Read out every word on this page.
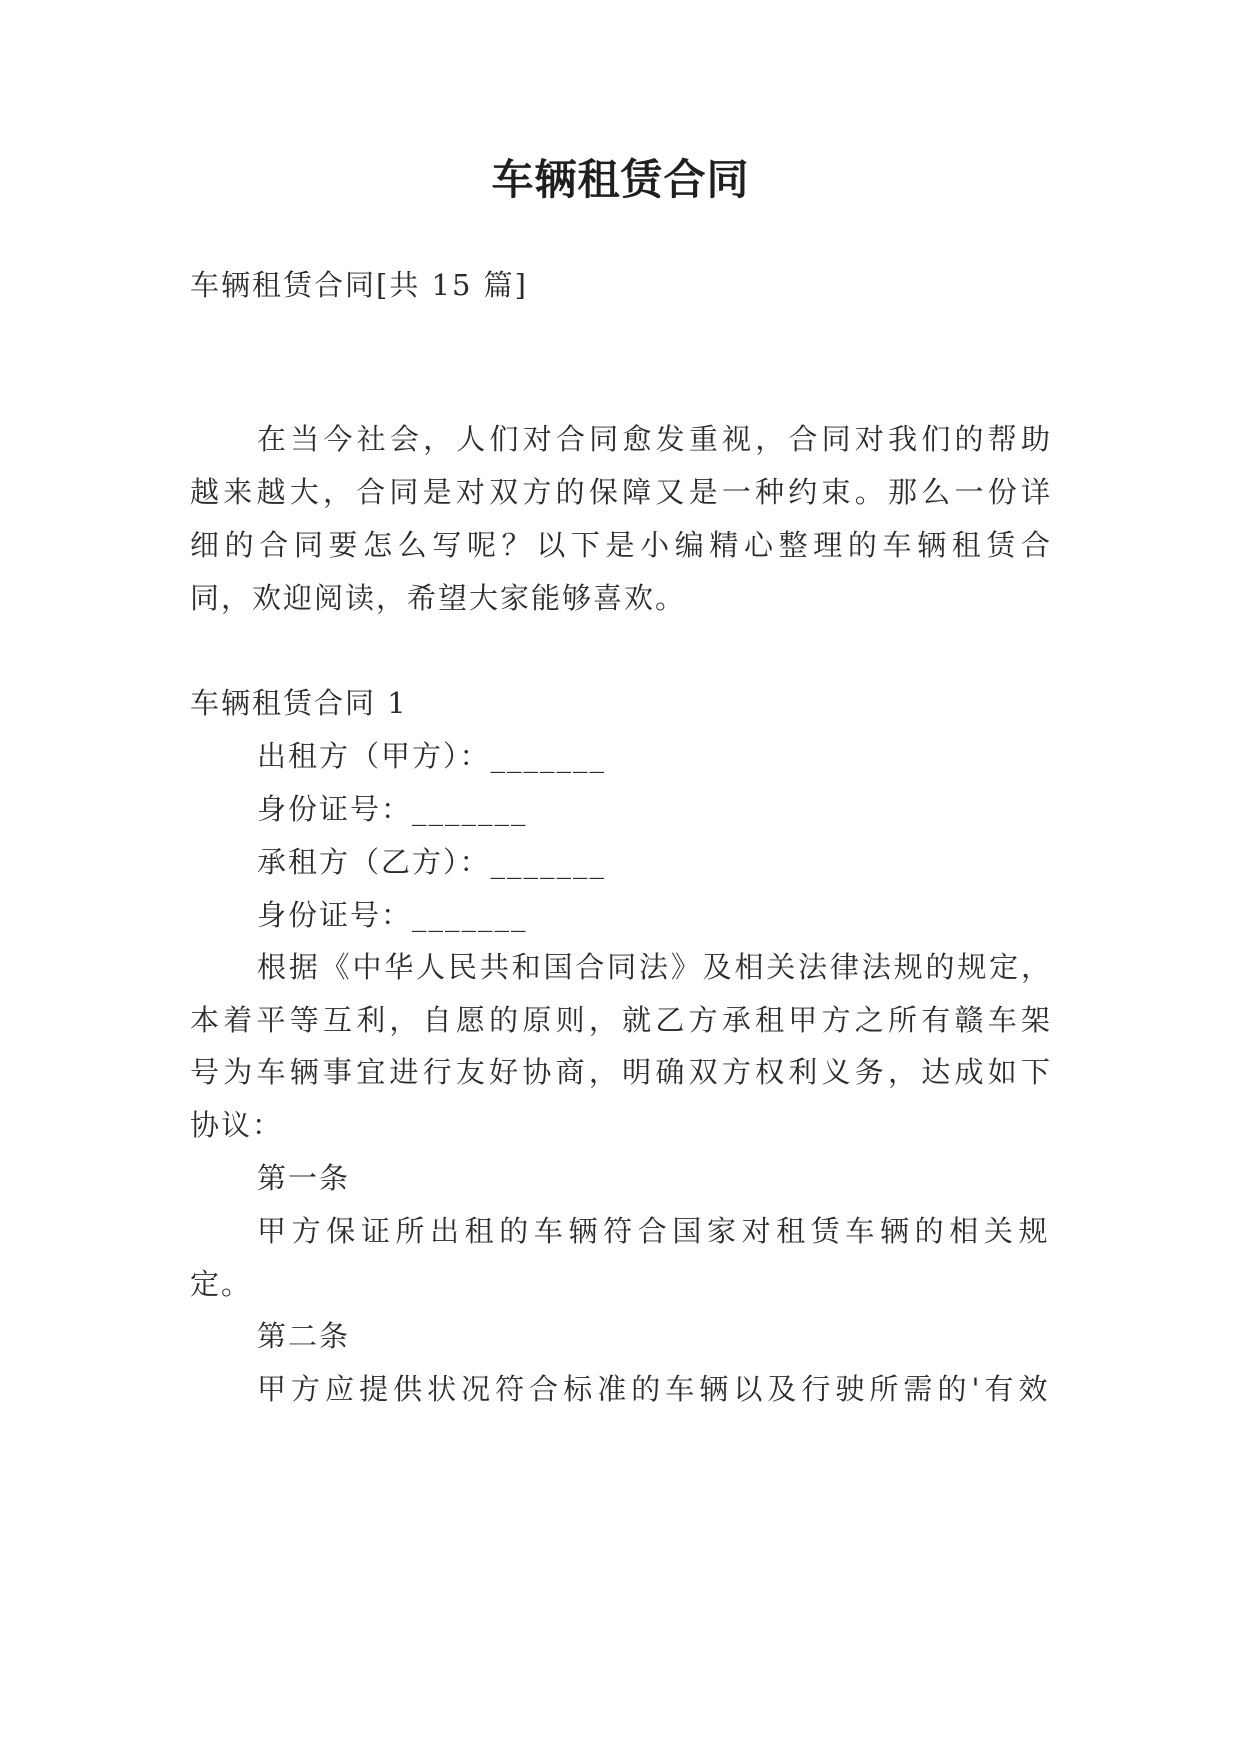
车辆租赁合同
车辆租赁合同[共 15 篇]
在当今社会，人们对合同愈发重视，合同对我们的帮助
越来越大，合同是对双方的保障又是一种约束。那么一份详
细的合同要怎么写呢？以下是小编精心整理的车辆租赁合
同，欢迎阅读，希望大家能够喜欢。
车辆租赁合同 1
出租方（甲方）：_______
身份证号：_______
承租方（乙方）：_______
身份证号：_______
根据《中华人民共和国合同法》及相关法律法规的规定，
本着平等互利，自愿的原则，就乙方承租甲方之所有赣车架
号为车辆事宜进行友好协商，明确双方权利义务，达成如下
协议：
第一条
甲方保证所出租的车辆符合国家对租赁车辆的相关规
定。
第二条
甲方应提供状况符合标准的车辆以及行驶所需的'有效
